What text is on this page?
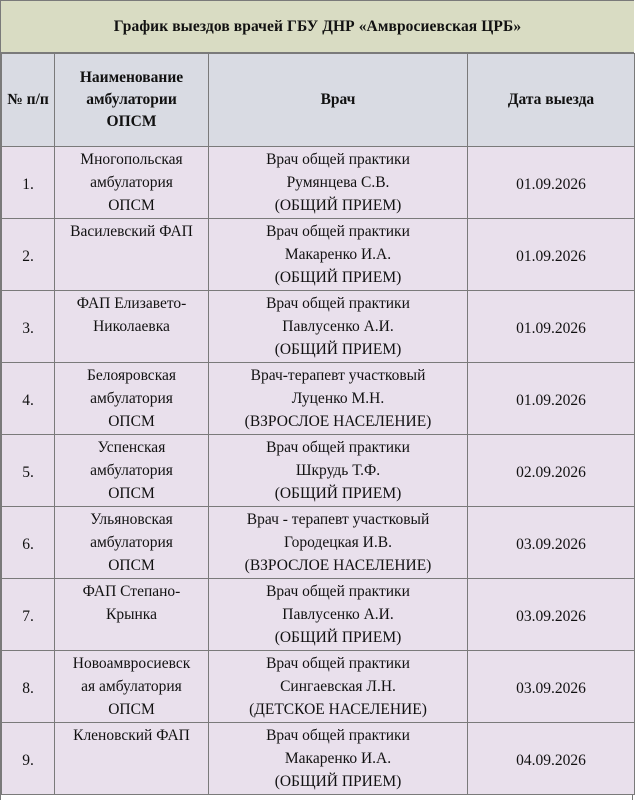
График выездов врачей ГБУ ДНР «Амвросиевская ЦРБ»
№ п/п	Наименование
амбулатории
ОПСМ	Врач	Дата выезда
1.	Многопольская
амбулатория
ОПСМ	Врач общей практики
Румянцева С.В.
(ОБЩИЙ ПРИЕМ)	01.09.2026
2.	Василевский ФАП	Врач общей практики
Макаренко И.А.
(ОБЩИЙ ПРИЕМ)	01.09.2026
3.	ФАП Елизавето-
Николаевка	Врач общей практики
Павлусенко А.И.
(ОБЩИЙ ПРИЕМ)	01.09.2026
4.	Белояровская
амбулатория
ОПСМ	Врач-терапевт участковый
Луценко М.Н.
(ВЗРОСЛОЕ НАСЕЛЕНИЕ)	01.09.2026
5.	Успенская
амбулатория
ОПСМ	Врач общей практики
Шкрудь Т.Ф.
(ОБЩИЙ ПРИЕМ)	02.09.2026
6.	Ульяновская
амбулатория
ОПСМ	Врач - терапевт участковый
Городецкая И.В.
(ВЗРОСЛОЕ НАСЕЛЕНИЕ)	03.09.2026
7.	ФАП Степано-
Крынка	Врач общей практики
Павлусенко А.И.
(ОБЩИЙ ПРИЕМ)	03.09.2026
8.	Новоамвросиевск
ая амбулатория
ОПСМ	Врач общей практики
Сингаевская Л.Н.
(ДЕТСКОЕ НАСЕЛЕНИЕ)	03.09.2026
9.	Кленовский ФАП	Врач общей практики
Макаренко И.А.
(ОБЩИЙ ПРИЕМ)	04.09.2026
